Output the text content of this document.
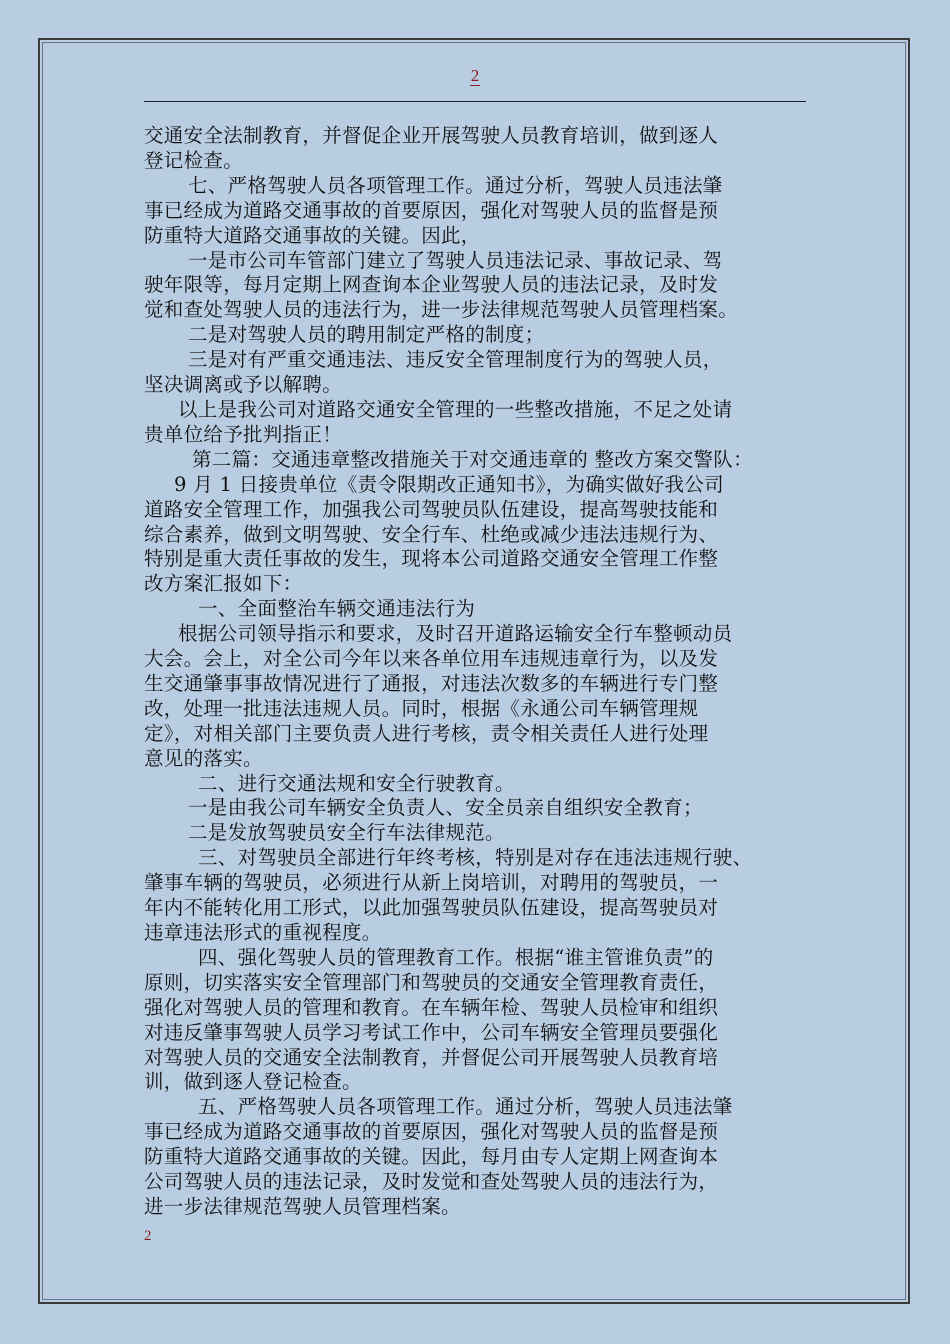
2

交通安全法制教育，并督促企业开展驾驶人员教育培训，做到逐人

登记检查。

七、严格驾驶人员各项管理工作。通过分析，驾驶人员违法肇

事已经成为道路交通事故的首要原因，强化对驾驶人员的监督是预

防重特大道路交通事故的关键。因此，

一是市公司车管部门建立了驾驶人员违法记录、事故记录、驾

驶年限等，每月定期上网查询本企业驾驶人员的违法记录，及时发

觉和查处驾驶人员的违法行为，进一步法律规范驾驶人员管理档案。

二是对驾驶人员的聘用制定严格的制度；

三是对有严重交通违法、违反安全管理制度行为的驾驶人员，

坚决调离或予以解聘。

以上是我公司对道路交通安全管理的一些整改措施，不足之处请

贵单位给予批判指正！

第二篇：交通违章整改措施关于对交通违章的 整改方案交警队：

9 月 1 日接贵单位《责令限期改正通知书》，为确实做好我公司

道路安全管理工作，加强我公司驾驶员队伍建设，提高驾驶技能和

综合素养，做到文明驾驶、安全行车、杜绝或减少违法违规行为、

特别是重大责任事故的发生，现将本公司道路交通安全管理工作整

改方案汇报如下：

一、全面整治车辆交通违法行为

根据公司领导指示和要求，及时召开道路运输安全行车整顿动员

大会。会上，对全公司今年以来各单位用车违规违章行为，以及发

生交通肇事事故情况进行了通报，对违法次数多的车辆进行专门整

改，处理一批违法违规人员。同时，根据《永通公司车辆管理规

定》，对相关部门主要负责人进行考核，责令相关责任人进行处理

意见的落实。

二、进行交通法规和安全行驶教育。

一是由我公司车辆安全负责人、安全员亲自组织安全教育；

二是发放驾驶员安全行车法律规范。

三、对驾驶员全部进行年终考核，特别是对存在违法违规行驶、

肇事车辆的驾驶员，必须进行从新上岗培训，对聘用的驾驶员，一

年内不能转化用工形式，以此加强驾驶员队伍建设，提高驾驶员对

违章违法形式的重视程度。

四、强化驾驶人员的管理教育工作。根据“谁主管谁负责”的

原则，切实落实安全管理部门和驾驶员的交通安全管理教育责任，

强化对驾驶人员的管理和教育。在车辆年检、驾驶人员检审和组织

对违反肇事驾驶人员学习考试工作中，公司车辆安全管理员要强化

对驾驶人员的交通安全法制教育，并督促公司开展驾驶人员教育培

训，做到逐人登记检查。

五、严格驾驶人员各项管理工作。通过分析，驾驶人员违法肇

事已经成为道路交通事故的首要原因，强化对驾驶人员的监督是预

防重特大道路交通事故的关键。因此，每月由专人定期上网查询本

公司驾驶人员的违法记录，及时发觉和查处驾驶人员的违法行为，

进一步法律规范驾驶人员管理档案。

2
